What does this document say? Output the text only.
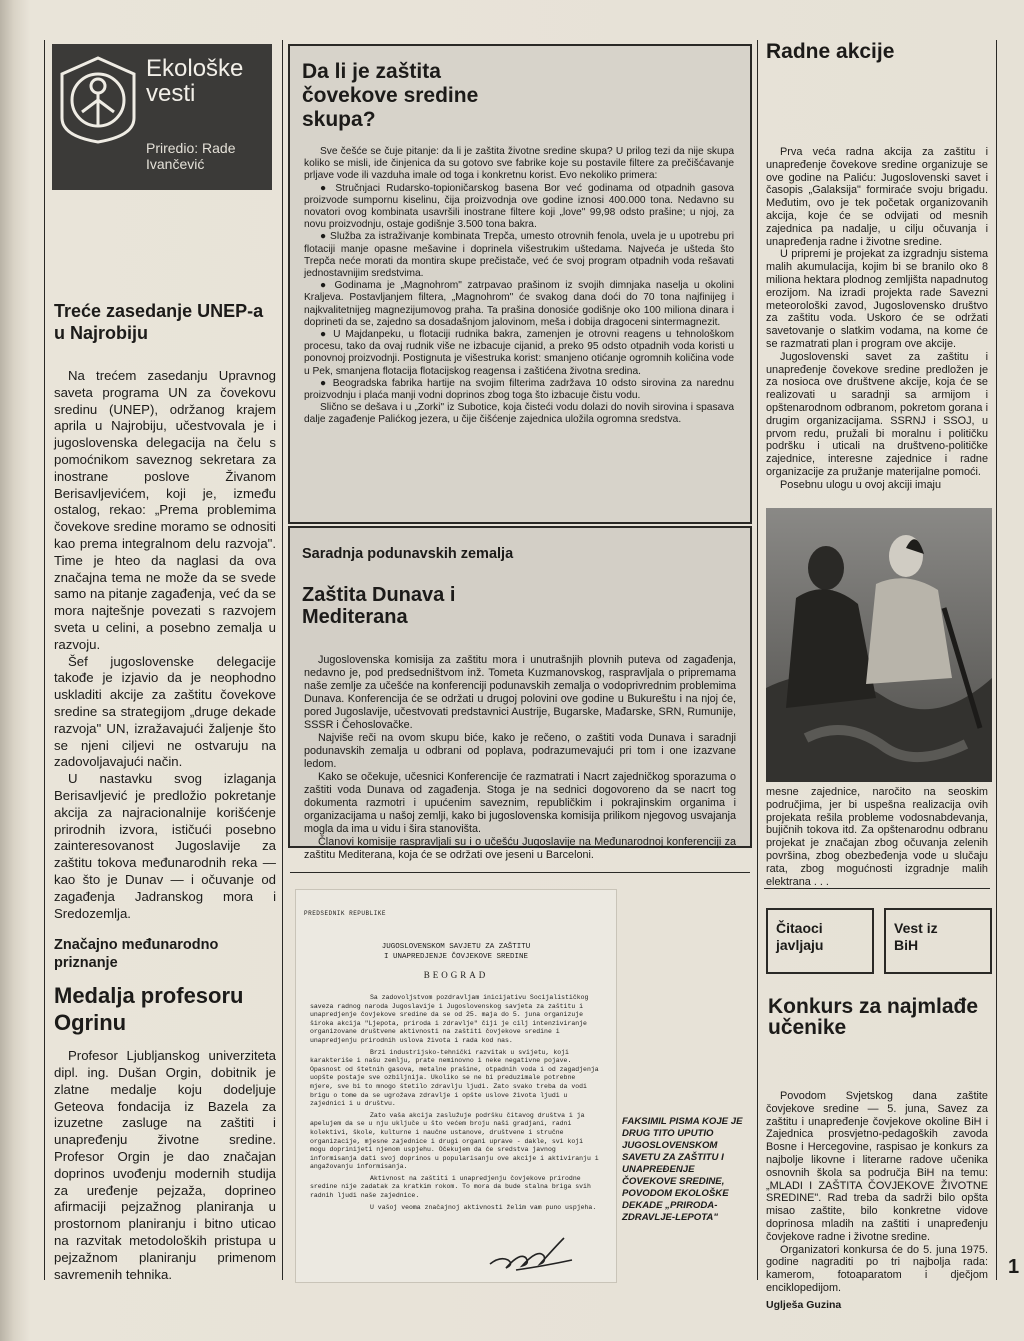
Ekološke vesti
Priredio: Rade Ivančević
Treće zasedanje UNEP-a u Najrobiju

Na trećem zasedanju Upravnog saveta programa UN za čovekovu sredinu (UNEP), održanog krajem aprila u Najrobiju, učestvovala je i jugoslovenska delegacija na čelu s pomoćnikom saveznog sekretara za inostrane poslove Živanom Berisavljevićem, koji je, između ostalog, rekao: „Prema problemima čovekove sredine moramo se odnositi kao prema integralnom delu razvoja". Time je hteo da naglasi da ova značajna tema ne može da se svede samo na pitanje zagađenja, već da se mora najtešnje povezati s razvojem sveta u celini, a posebno zemalja u razvoju.

Šef jugoslovenske delegacije takođe je izjavio da je neophodno uskladiti akcije za zaštitu čovekove sredine sa strategijom „druge dekade razvoja" UN, izražavajući žaljenje što se njeni ciljevi ne ostvaruju na zadovoljavajući način.

U nastavku svog izlaganja Berisavljević je predložio pokretanje akcija za najracionalnije korišćenje prirodnih izvora, ističući posebno zainteresovanost Jugoslavije za zaštitu tokova međunarodnih reka — kao što je Dunav — i očuvanje od zagađenja Jadranskog mora i Sredozemlja.

Značajno međunarodno priznanje
Medalja profesoru Ogrinu

Profesor Ljubljanskog univerziteta dipl. ing. Dušan Orgin, dobitnik je zlatne medalje koju dodeljuje Geteova fondacija iz Bazela za izuzetne zasluge na zaštiti i unapređenju životne sredine. Profesor Orgin je dao značajan doprinos uvođenju modernih studija za uređenje pejzaža, doprineo afirmaciji pejzažnog planiranja u prostornom planiranju i bitno uticao na razvitak metodoloških pristupa u pejzažnom planiranju primenom savremenih tehnika.

Da li je zaštita čovekove sredine skupa?

Sve češće se čuje pitanje: da li je zaštita životne sredine skupa? U prilog tezi da nije skupa koliko se misli, ide činjenica da su gotovo sve fabrike koje su postavile filtere za prečišćavanje prljave vode ili vazduha imale od toga i konkretnu korist. Evo nekoliko primera:

● Stručnjaci Rudarsko-topioničarskog basena Bor već godinama od otpadnih gasova proizvode sumpornu kiselinu, čija proizvodnja ove godine iznosi 400.000 tona. Nedavno su novatori ovog kombinata usavršili inostrane filtere koji „love" 99,98 odsto prašine; u njoj, za novu proizvodnju, ostaje godišnje 3.500 tona bakra.

● Služba za istraživanje kombinata Trepča, umesto otrovnih fenola, uvela je u upotrebu pri flotaciji manje opasne mešavine i doprinela višestrukim uštedama. Najveća je ušteda što Trepča neće morati da montira skupe prečistače, već će svoj program otpadnih voda rešavati jednostavnijim sredstvima.

● Godinama je „Magnohrom" zatrpavao prašinom iz svojih dimnjaka naselja u okolini Kraljeva. Postavljanjem filtera, „Magnohrom" će svakog dana doći do 70 tona najfinijeg i najkvalitetnijeg magnezijumovog praha. Ta prašina donosiće godišnje oko 100 miliona dinara i doprineti da se, zajedno sa dosadašnjom jalovinom, meša i dobija dragoceni sintermagnezit.

● U Majdanpeku, u flotaciji rudnika bakra, zamenjen je otrovni reagens u tehnološkom procesu, tako da ovaj rudnik više ne izbacuje cijanid, a preko 95 odsto otpadnih voda koristi u ponovnoj proizvodnji. Postignuta je višestruka korist: smanjeno otićanje ogromnih količina vode u Pek, smanjena flotacija flotacijskog reagensa i zaštićena životna sredina.

● Beogradska fabrika hartije na svojim filterima zadržava 10 odsto sirovina za narednu proizvodnju i plaća manji vodni doprinos zbog toga što izbacuje čistu vodu.

Slično se dešava i u „Zorki" iz Subotice, koja čisteći vodu dolazi do novih sirovina i spasava dalje zagađenje Palićkog jezera, u čije čišćenje zajednica uložila ogromna sredstva.

Saradnja podunavskih zemalja
Zaštita Dunava i Mediterana

Jugoslovenska komisija za zaštitu mora i unutrašnjih plovnih puteva od zagađenja, nedavno je, pod predsedništvom inž. Tometa Kuzmanovskog, raspravljala o pripremama naše zemlje za učešće na konferenciji podunavskih zemalja o vodoprivrednim problemima Dunava. Konferencija će se održati u drugoj polovini ove godine u Bukureštu i na njoj će, pored Jugoslavije, učestvovati predstavnici Austrije, Bugarske, Mađarske, SRN, Rumunije, SSSR i Čehoslovačke.

Najviše reči na ovom skupu biće, kako je rečeno, o zaštiti voda Dunava i saradnji podunavskih zemalja u odbrani od poplava, podrazumevajući pri tom i one izazvane ledom.

Kako se očekuje, učesnici Konferencije će razmatrati i Nacrt zajedničkog sporazuma o zaštiti voda Dunava od zagađenja. Stoga je na sednici dogovoreno da se nacrt tog dokumenta razmotri i upućenim saveznim, republičkim i pokrajinskim organima i organizacijama u našoj zemlji, kako bi jugoslovenska komisija prilikom njegovog usvajanja mogla da ima u vidu i šira stanovišta.

Članovi komisije raspravljali su i o učešću Jugoslavije na Međunarodnoj konferenciji za zaštitu Mediterana, koja će se održati ove jeseni u Barceloni.

PREDSEDNIK REPUBLIKE
JUGOSLOVENSKOM SAVJETU ZA ZAŠTITU
I UNAPREDJENJE ČOVJEKOVE SREDINE
BEOGRAD

Sa zadovoljstvom pozdravljam inicijativu Socijalističkog saveza radnog naroda Jugoslavije i Jugoslovenskog savjeta za zaštitu i unapredjenje čovjekove sredine da se od 25. maja do 5. juna organizuje široka akcija "Ljepota, priroda i zdravlje" čiji je cilj intenziviranje organizovane društvene aktivnosti na zaštiti čovjekove sredine i unapredjenju prirodnih uslova života i rada kod nas.

Brzi industrijsko-tehnički razvitak u svijetu, koji karakteriše i našu zemlju, prate neminovno i neke negativne pojave. Opasnost od štetnih gasova, metalne prašine, otpadnih voda i od zagadjenja uopšte postaje sve ozbiljnija. Ukoliko se ne bi preduzimale potrebne mjere, sve bi to mnogo štetilo zdravlju ljudi. Zato svako treba da vodi brigu o tome da se ugrožava zdravlje i opšte uslove života ljudi u zajednici i u društvu.

Zato vaša akcija zaslužuje podršku čitavog društva i ja apelujem da se u nju uključe u što većem broju naši gradjani, radni kolektivi, škole, kulturne i naučne ustanove, društvene i stručne organizacije, mjesne zajednice i drugi organi uprave - dakle, svi koji mogu doprinijeti njenom uspjehu. Očekujem da će sredstva javnog informisanja dati svoj doprinos u popularisanju ove akcije i aktiviranju i angažovanju informisanja.

Aktivnost na zaštiti i unapredjenju čovjekove prirodne sredine nije zadatak za kratkim rokom. To mora da bude stalna briga svih radnih ljudi naše zajednice.

U vašoj veoma značajnoj aktivnosti želim vam puno uspjeha.

FAKSIMIL PISMA KOJE JE DRUG TITO UPUTIO JUGOSLOVENSKOM SAVETU ZA ZAŠTITU I UNAPREĐENJE ČOVEKOVE SREDINE, POVODOM EKOLOŠKE DEKADE „PRIRODA-ZDRAVLJE-LEPOTA"
Radne akcije

Prva veća radna akcija za zaštitu i unapređenje čovekove sredine organizuje se ove godine na Paliću: Jugoslovenski savet i časopis „Galaksija" formiraće svoju brigadu. Međutim, ovo je tek početak organizovanih akcija, koje će se odvijati od mesnih zajednica pa nadalje, u cilju očuvanja i unapređenja radne i životne sredine.

U pripremi je projekat za izgradnju sistema malih akumulacija, kojim bi se branilo oko 8 miliona hektara plodnog zemljišta napadnutog erozijom. Na izradi projekta rade Savezni meteorološki zavod, Jugoslovensko društvo za zaštitu voda. Uskoro će se održati savetovanje o slatkim vodama, na kome će se razmatrati plan i program ove akcije.

Jugoslovenski savet za zaštitu i unapređenje čovekove sredine predložen je za nosioca ove društvene akcije, koja će se realizovati u saradnji sa armijom i opštenarodnom odbranom, pokretom gorana i drugim organizacijama. SSRNJ i SSOJ, u prvom redu, pružali bi moralnu i političku podršku i uticali na društveno-političke zajednice, interesne zajednice i radne organizacije za pružanje materijalne pomoći.

Posebnu ulogu u ovoj akciji imaju

mesne zajednice, naročito na seoskim područjima, jer bi uspešna realizacija ovih projekata rešila probleme vodosnabdevanja, bujičnih tokova itd. Za opštenarodnu odbranu projekat je značajan zbog očuvanja zelenih površina, zbog obezbeđenja vode u slučaju rata, zbog mogućnosti izgradnje malih elektrana . . .

Čitaoci javljaju
Vest iz BiH
Konkurs za najmlađe učenike

Povodom Svjetskog dana zaštite čovjekove sredine — 5. juna, Savez za zaštitu i unapređenje čovjekove okoline BiH i Zajednica prosvjetno-pedagoških zavoda Bosne i Hercegovine, raspisao je konkurs za najbolje likovne i literarne radove učenika osnovnih škola sa područja BiH na temu: „MLADI I ZAŠTITA ČOVJEKOVE ŽIVOTNE SREDINE". Rad treba da sadrži bilo opšta misao zaštite, bilo konkretne vidove doprinosa mladih na zaštiti i unapređenju čovjekove radne i životne sredine.

Organizatori konkursa će do 5. juna 1975. godine nagraditi po tri najbolja rada: kamerom, fotoaparatom i dječjom enciklopedijom.

Uglješa Guzina
1
